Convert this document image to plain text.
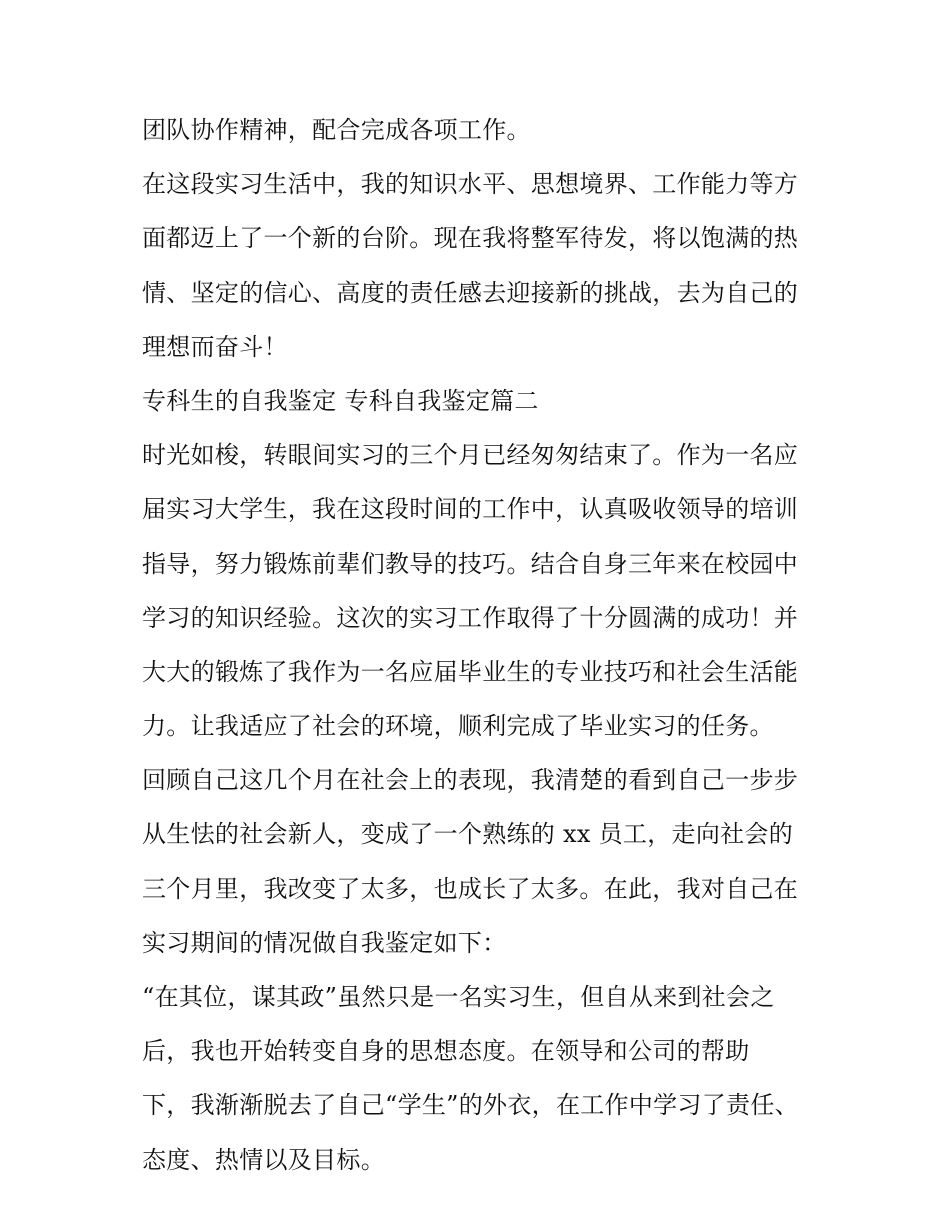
团队协作精神，配合完成各项工作。
在这段实习生活中，我的知识水平、思想境界、工作能力等方
面都迈上了一个新的台阶。现在我将整军待发，将以饱满的热
情、坚定的信心、高度的责任感去迎接新的挑战，去为自己的
理想而奋斗！
专科生的自我鉴定 专科自我鉴定篇二
时光如梭，转眼间实习的三个月已经匆匆结束了。作为一名应
届实习大学生，我在这段时间的工作中，认真吸收领导的培训
指导，努力锻炼前辈们教导的技巧。结合自身三年来在校园中
学习的知识经验。这次的实习工作取得了十分圆满的成功！并
大大的锻炼了我作为一名应届毕业生的专业技巧和社会生活能
力。让我适应了社会的环境，顺利完成了毕业实习的任务。
回顾自己这几个月在社会上的表现，我清楚的看到自己一步步
从生怯的社会新人，变成了一个熟练的 xx 员工，走向社会的
三个月里，我改变了太多，也成长了太多。在此，我对自己在
实习期间的情况做自我鉴定如下：
“在其位，谋其政”虽然只是一名实习生，但自从来到社会之
后，我也开始转变自身的思想态度。在领导和公司的帮助
下，我渐渐脱去了自己“学生”的外衣，在工作中学习了责任、
态度、热情以及目标。
